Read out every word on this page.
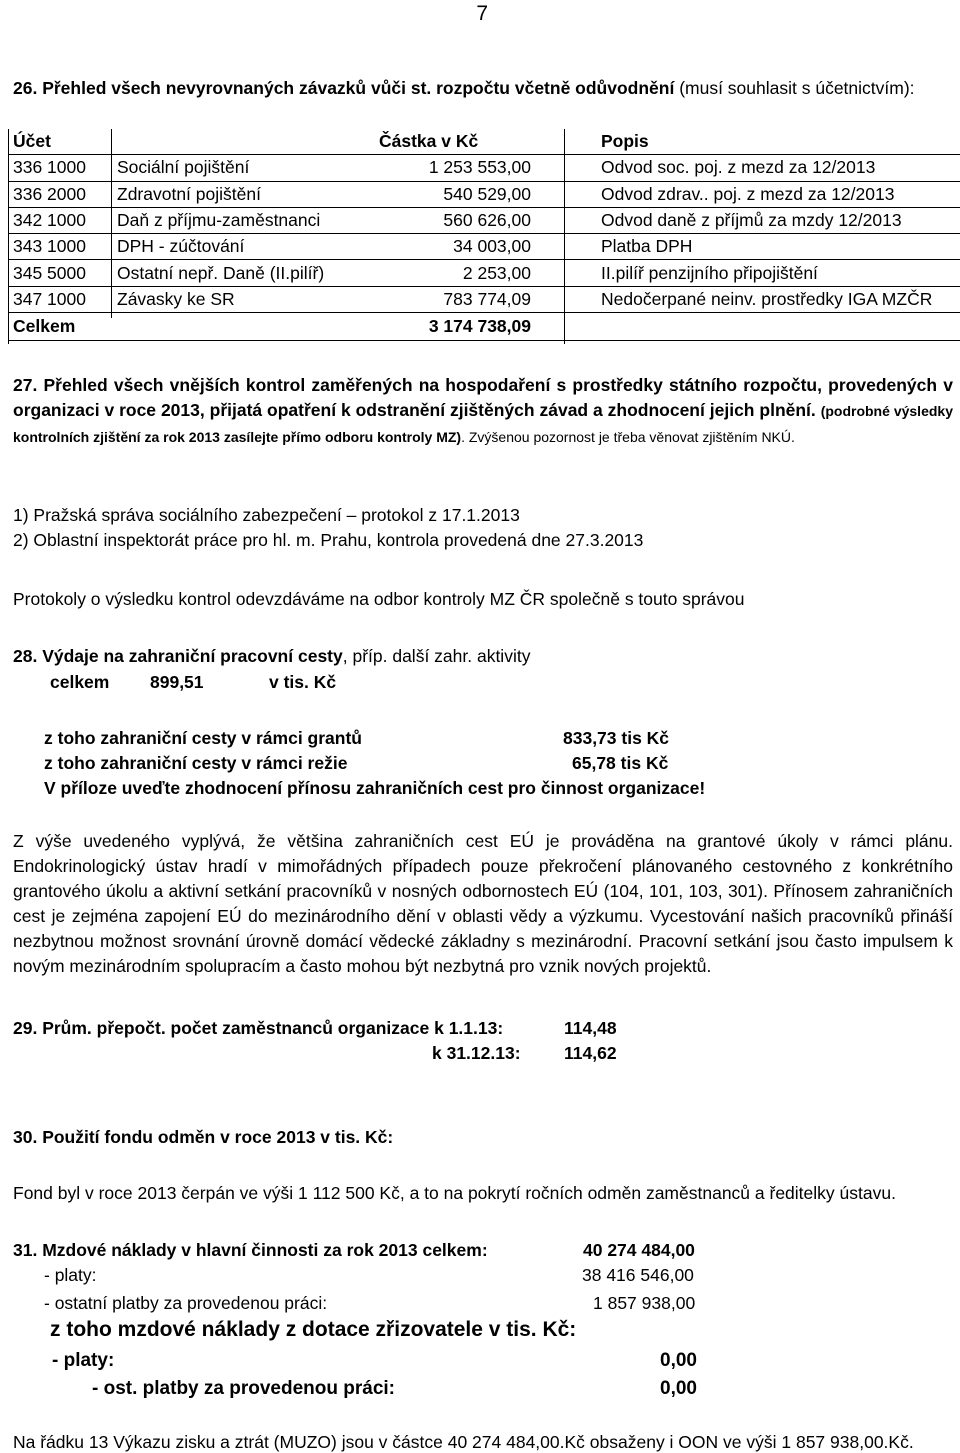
7
26. Přehled všech nevyrovnaných závazků vůči st. rozpočtu včetně odůvodnění (musí souhlasit s účetnictvím):
Účet		Částka v Kč	Popis
336 1000	Sociální pojištění	1 253 553,00	Odvod soc. poj. z mezd za 12/2013
336 2000	Zdravotní pojištění	540 529,00	Odvod zdrav.. poj. z mezd za 12/2013
342 1000	Daň z příjmu-zaměstnanci	560 626,00	Odvod daně z příjmů za mzdy 12/2013
343 1000	DPH - zúčtování	34 003,00	Platba DPH
345 5000	Ostatní nepř. Daně (II.pilíř)	2 253,00	II.pilíř penzijního připojištění
347 1000	Závasky ke SR	783 774,09	Nedočerpané neinv. prostředky IGA MZČR
Celkem		3 174 738,09	
27. Přehled všech vnějších kontrol zaměřených na hospodaření s prostředky státního rozpočtu, provedených v organizaci v roce 2013, přijatá opatření k odstranění zjištěných závad a zhodnocení jejich plnění. (podrobné výsledky kontrolních zjištění za rok 2013 zasílejte přímo odboru kontroly MZ). Zvýšenou pozornost je třeba věnovat zjištěním NKÚ.
1) Pražská správa sociálního zabezpečení – protokol z 17.1.2013
2) Oblastní inspektorát práce pro hl. m. Prahu, kontrola provedená dne 27.3.2013
Protokoly o výsledku kontrol odevzdáváme na odbor kontroly MZ ČR společně s touto správou
28. Výdaje na zahraniční pracovní cesty, příp. další zahr. aktivity
celkem 899,51	v tis. Kč
z toho zahraniční cesty v rámci grantů	833,73 tis Kč
z toho zahraniční cesty v rámci režie	65,78 tis Kč
V příloze uveďte zhodnocení přínosu zahraničních cest pro činnost organizace!
Z výše uvedeného vyplývá, že většina zahraničních cest EÚ je prováděna na grantové úkoly v rámci plánu. Endokrinologický ústav hradí v mimořádných případech pouze překročení plánovaného cestovného z konkrétního grantového úkolu a aktivní setkání pracovníků v nosných odbornostech EÚ (104, 101, 103, 301). Přínosem zahraničních cest je zejména zapojení EÚ do mezinárodního dění v oblasti vědy a výzkumu. Vycestování našich pracovníků přináší nezbytnou možnost srovnání úrovně domácí vědecké základny s mezinárodní. Pracovní setkání jsou často impulsem k novým mezinárodním spolupracím a často mohou být nezbytná pro vznik nových projektů.
29. Prům. přepočt. počet zaměstnanců organizace k 1.1.13:	114,48
k 31.12.13: 114,62
30. Použití fondu odměn v roce 2013 v tis. Kč:
Fond byl v roce 2013 čerpán ve výši 1 112 500 Kč, a to na pokrytí ročních odměn zaměstnanců a ředitelky ústavu.
31. Mzdové náklady v hlavní činnosti za rok 2013 celkem:	40 274 484,00
- platy:	38 416 546,00
- ostatní platby za provedenou práci:	1 857 938,00
z toho mzdové náklady z dotace zřizovatele v tis. Kč:
- platy:	0,00
- ost. platby za provedenou práci:	0,00
Na řádku 13 Výkazu zisku a ztrát (MUZO) jsou v částce 40 274 484,00.Kč obsaženy i OON ve výši 1 857 938,00.Kč.
